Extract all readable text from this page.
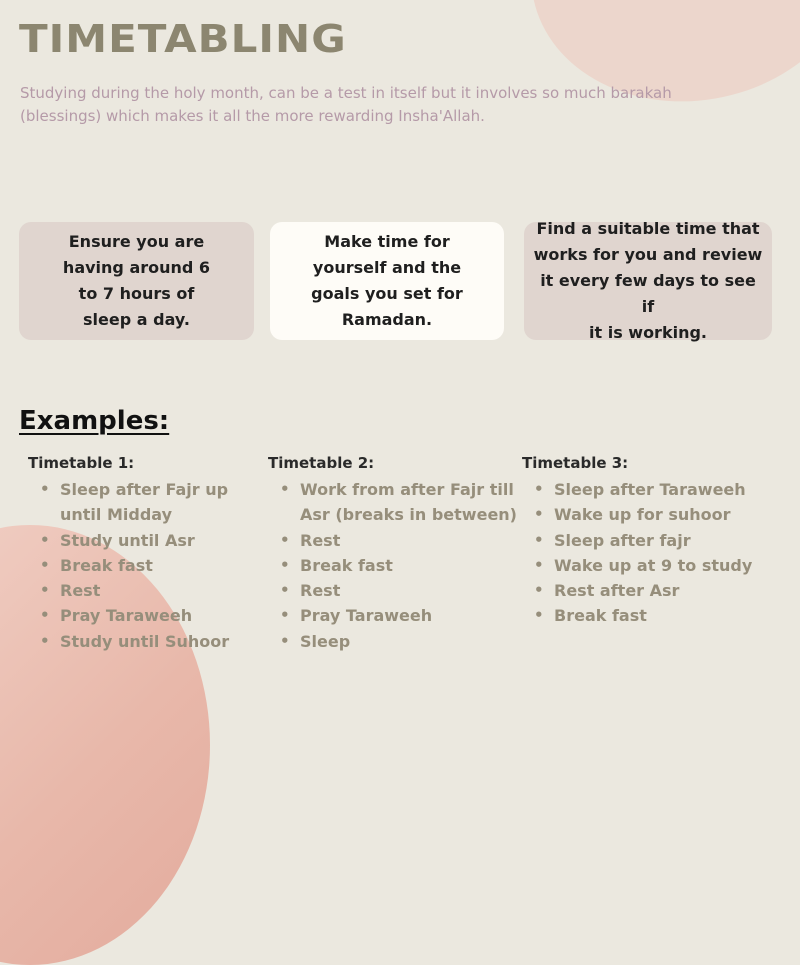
TIMETABLING

Studying during the holy month, can be a test in itself but it involves so much barakah (blessings) which makes it all the more rewarding Insha'Allah.

Ensure you are
having around 6
to 7 hours of
sleep a day.
Make time for
yourself and the
goals you set for
Ramadan.
Find a suitable time that
works for you and review
it every few days to see if
it is working.
Examples:
Timetable 1:
• Sleep after Fajr up until Midday
• Study until Asr
• Break fast
• Rest
• Pray Taraweeh
• Study until Suhoor
Timetable 2:
• Work from after Fajr till Asr (breaks in between)
• Rest
• Break fast
• Rest
• Pray Taraweeh
• Sleep
Timetable 3:
• Sleep after Taraweeh
• Wake up for suhoor
• Sleep after fajr
• Wake up at 9 to study
• Rest after Asr
• Break fast
